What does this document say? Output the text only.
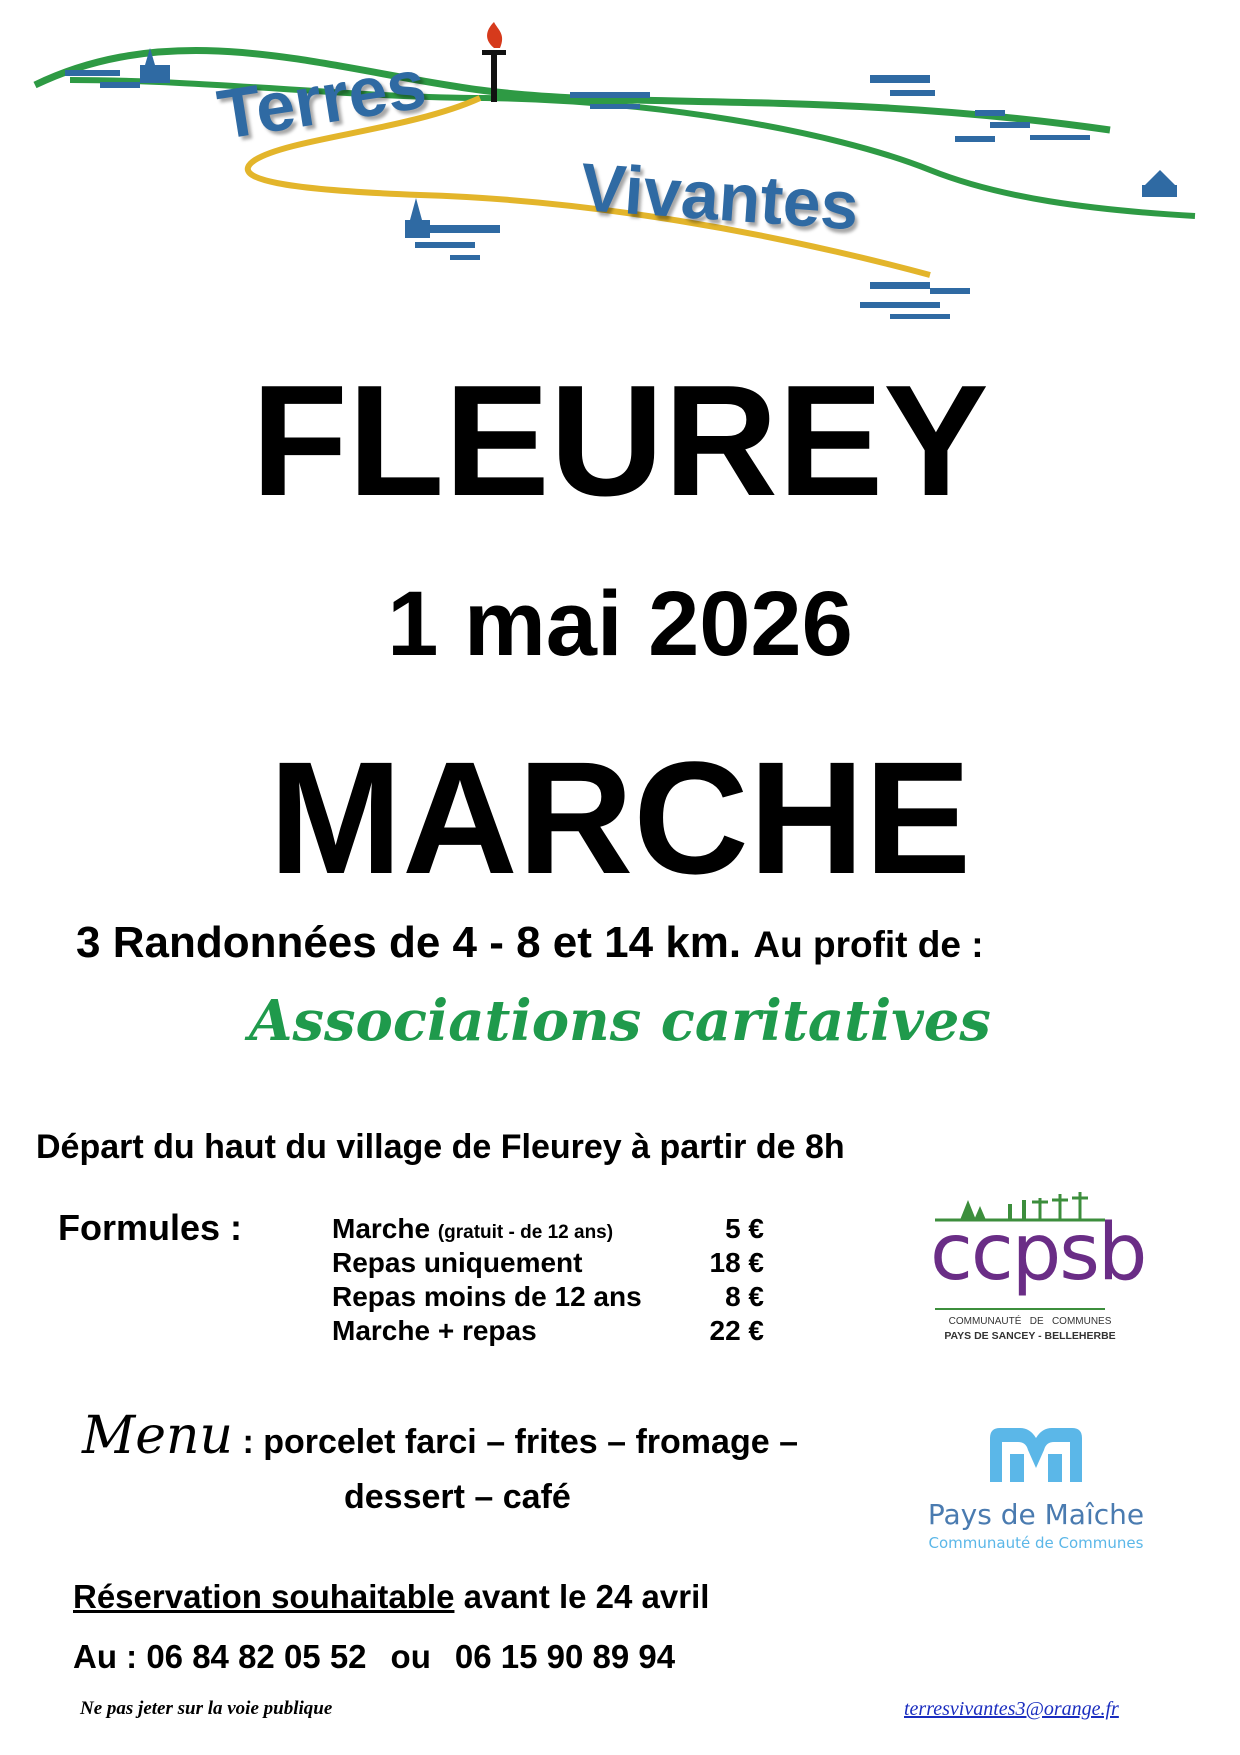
Terres
Vivantes
FLEUREY
1 mai 2026
MARCHE
3 Randonnées de 4 - 8 et 14 km. Au profit de :
Associations caritatives
Départ du haut du village de Fleurey à partir de 8h
Formules :	Marche (gratuit - de 12 ans)	5 €
Repas uniquement	18 €
Repas moins de 12 ans	8 €
Marche + repas	22 €
ccpsb
COMMUNAUTÉ   DE   COMMUNES
PAYS DE SANCEY - BELLEHERBE
Menu : porcelet farci – frites – fromage –
dessert – café	Pays de Maîche
Communauté de Communes
Réservation souhaitable avant le 24 avril
Au : 06 84 82 05 52 ou 06 15 90 89 94
Ne pas jeter sur la voie publique	terresvivantes3@orange.fr
